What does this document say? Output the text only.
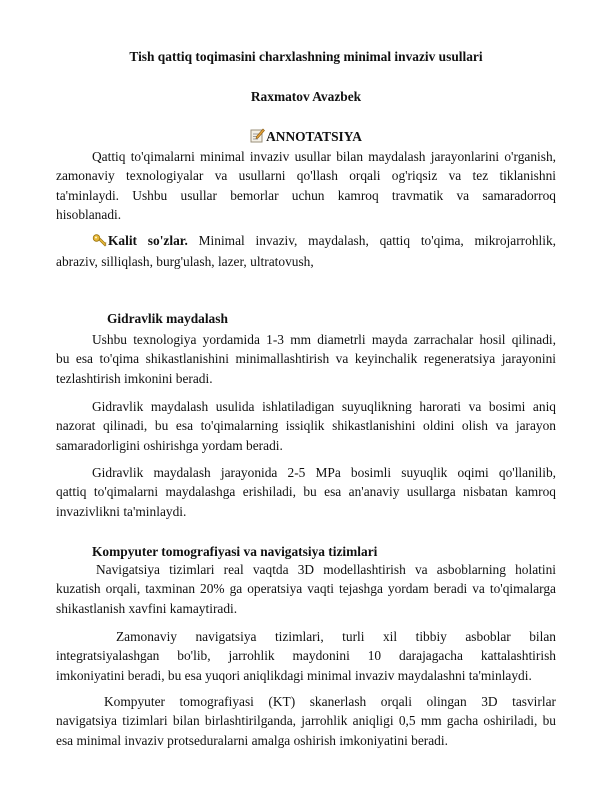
Tish qattiq toqimasini charxlashning minimal invaziv usullari
Raxmatov Avazbek
ANNOTATSIYA
Qattiq to'qimalarni minimal invaziv usullar bilan maydalash jarayonlarini o'rganish,
zamonaviy texnologiyalar va usullarni qo'llash orqali og'riqsiz va tez tiklanishni
ta'minlaydi. Ushbu usullar bemorlar uchun kamroq travmatik va samaradorroq
hisoblanadi.
Kalit so'zlar. Minimal invaziv, maydalash, qattiq to'qima, mikrojarrohlik,
abraziv, silliqlash, burg'ulash, lazer, ultratovush,
Gidravlik maydalash
Ushbu texnologiya yordamida 1-3 mm diametrli mayda zarrachalar hosil qilinadi,
bu esa to'qima shikastlanishini minimallashtirish va keyinchalik regeneratsiya jarayonini
tezlashtirish imkonini beradi.
Gidravlik maydalash usulida ishlatiladigan suyuqlikning harorati va bosimi aniq
nazorat qilinadi, bu esa to'qimalarning issiqlik shikastlanishini oldini olish va jarayon
samaradorligini oshirishga yordam beradi.
Gidravlik maydalash jarayonida 2-5 MPa bosimli suyuqlik oqimi qo'llanilib,
qattiq to'qimalarni maydalashga erishiladi, bu esa an'anaviy usullarga nisbatan kamroq
invazivlikni ta'minlaydi.
Kompyuter tomografiyasi va navigatsiya tizimlari
Navigatsiya tizimlari real vaqtda 3D modellashtirish va asboblarning holatini
kuzatish orqali, taxminan 20% ga operatsiya vaqti tejashga yordam beradi va to'qimalarga
shikastlanish xavfini kamaytiradi.
Zamonaviy navigatsiya tizimlari, turli xil tibbiy asboblar bilan
integratsiyalashgan bo'lib, jarrohlik maydonini 10 darajagacha kattalashtirish
imkoniyatini beradi, bu esa yuqori aniqlikdagi minimal invaziv maydalashni ta'minlaydi.
Kompyuter tomografiyasi (KT) skanerlash orqali olingan 3D tasvirlar
navigatsiya tizimlari bilan birlashtirilganda, jarrohlik aniqligi 0,5 mm gacha oshiriladi, bu
esa minimal invaziv protseduralarni amalga oshirish imkoniyatini beradi.
